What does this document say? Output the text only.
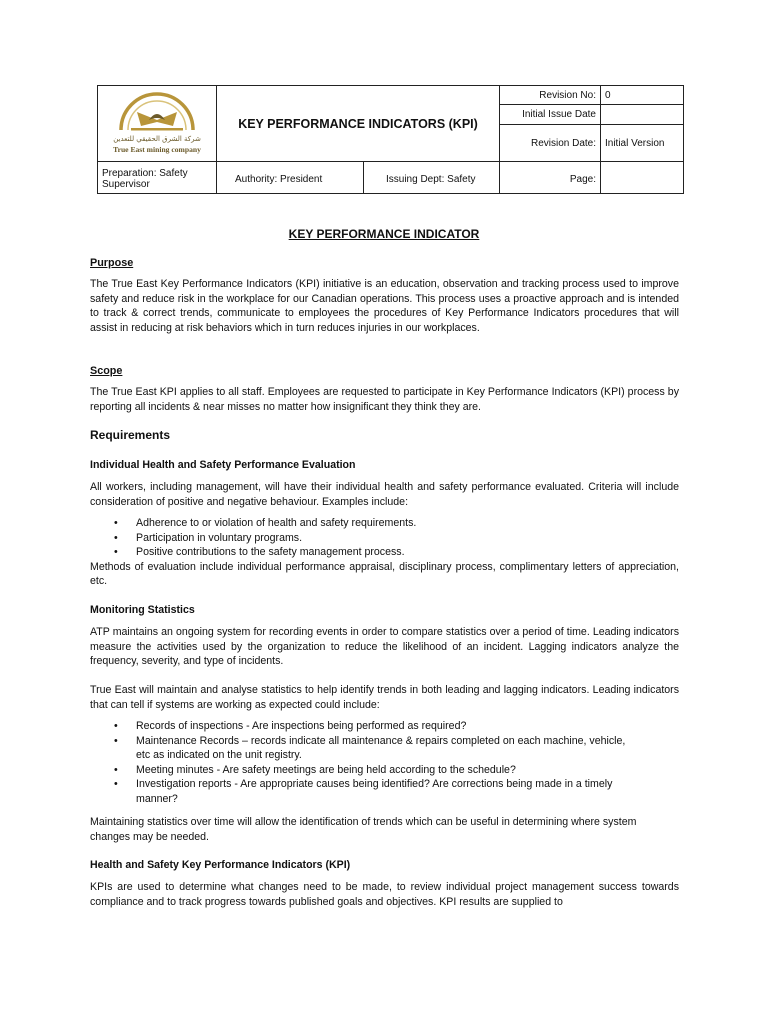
شركة الشرق الحقيقي للتعدين
True East mining company	KEY PERFORMANCE INDICATORS (KPI)		Revision No:	0
			Initial Issue Date	
			Revision Date:	Initial Version
Preparation: Safety Supervisor	Authority: President	Issuing Dept: Safety	Page:	
KEY PERFORMANCE INDICATOR
Purpose

The True East Key Performance Indicators (KPI) initiative is an education, observation and tracking process used to improve safety and reduce risk in the workplace for our Canadian operations. This process uses a proactive approach and is intended to track & correct trends, communicate to employees the procedures of Key Performance Indicators procedures that will assist in reducing at risk behaviors which in turn reduces injuries in our workplaces.

Scope

The True East KPI applies to all staff. Employees are requested to participate in Key Performance Indicators (KPI) process by reporting all incidents & near misses no matter how insignificant they think they are.

Requirements
Individual Health and Safety Performance Evaluation

All workers, including management, will have their individual health and safety performance evaluated. Criteria will include consideration of positive and negative behaviour. Examples include:

• Adherence to or violation of health and safety requirements.
• Participation in voluntary programs.
• Positive contributions to the safety management process.

Methods of evaluation include individual performance appraisal, disciplinary process, complimentary letters of appreciation, etc.

Monitoring Statistics

ATP maintains an ongoing system for recording events in order to compare statistics over a period of time. Leading indicators measure the activities used by the organization to reduce the likelihood of an incident. Lagging indicators analyze the frequency, severity, and type of incidents.

True East will maintain and analyse statistics to help identify trends in both leading and lagging indicators. Leading indicators that can tell if systems are working as expected could include:

• Records of inspections - Are inspections being performed as required?
• Maintenance Records – records indicate all maintenance & repairs completed on each machine, vehicle, etc as indicated on the unit registry.
• Meeting minutes - Are safety meetings are being held according to the schedule?
• Investigation reports - Are appropriate causes being identified? Are corrections being made in a timely manner?

Maintaining statistics over time will allow the identification of trends which can be useful in determining where system changes may be needed.

Health and Safety Key Performance Indicators (KPI)

KPIs are used to determine what changes need to be made, to review individual project management success towards compliance and to track progress towards published goals and objectives. KPI results are supplied to
